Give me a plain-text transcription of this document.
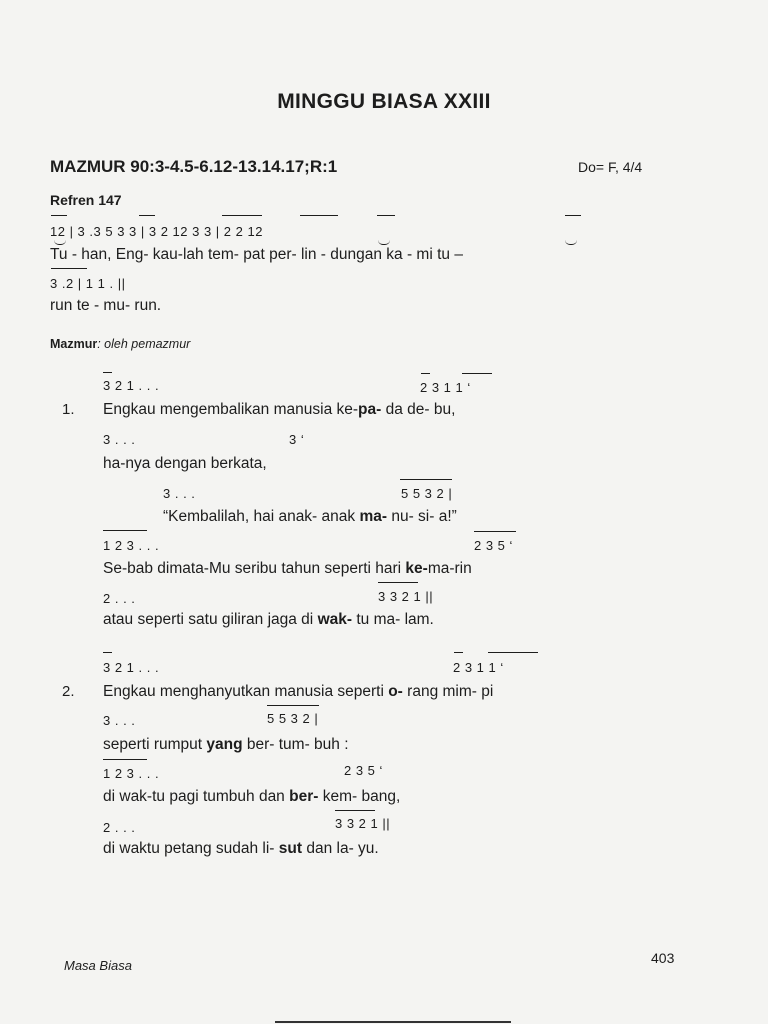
MINGGU BIASA XXIII
MAZMUR 90:3-4.5-6.12-13.14.17;R:1	Do= F, 4/4
Refren 147
12 | 3 .3 5 3 3 | 3 2 12 3 3 | 2 2 12
Tu - han, Eng- kau-lah tem- pat per- lin - dungan ka - mi tu –
3 .2 | 1 1 . ||
run te - mu- run.
Mazmur: oleh pemazmur
1.
3 2 1 . . .	2 3 1 1 ‘
Engkau mengembalikan manusia ke-pa- da de- bu,
3 . . .	3 ‘
ha-nya dengan berkata,
3 . . .	5 5 3 2 |
“Kembalilah, hai anak- anak ma- nu- si- a!”
1 2 3 . . .	2 3 5 ‘
Se-bab dimata-Mu seribu tahun seperti hari ke-ma-rin
2 . . .	3 3 2 1 ||
atau seperti satu giliran jaga di wak- tu ma- lam.
2.
3 2 1 . . .	2 3 1 1 ‘
Engkau menghanyutkan manusia seperti o- rang mim- pi
3 . . .	5 5 3 2 |
seperti rumput yang ber- tum- buh :
1 2 3 . . .	2 3 5 ‘
di wak-tu pagi tumbuh dan ber- kem- bang,
2 . . .	3 3 2 1 ||
di waktu petang sudah li- sut dan la- yu.
Masa Biasa	403
